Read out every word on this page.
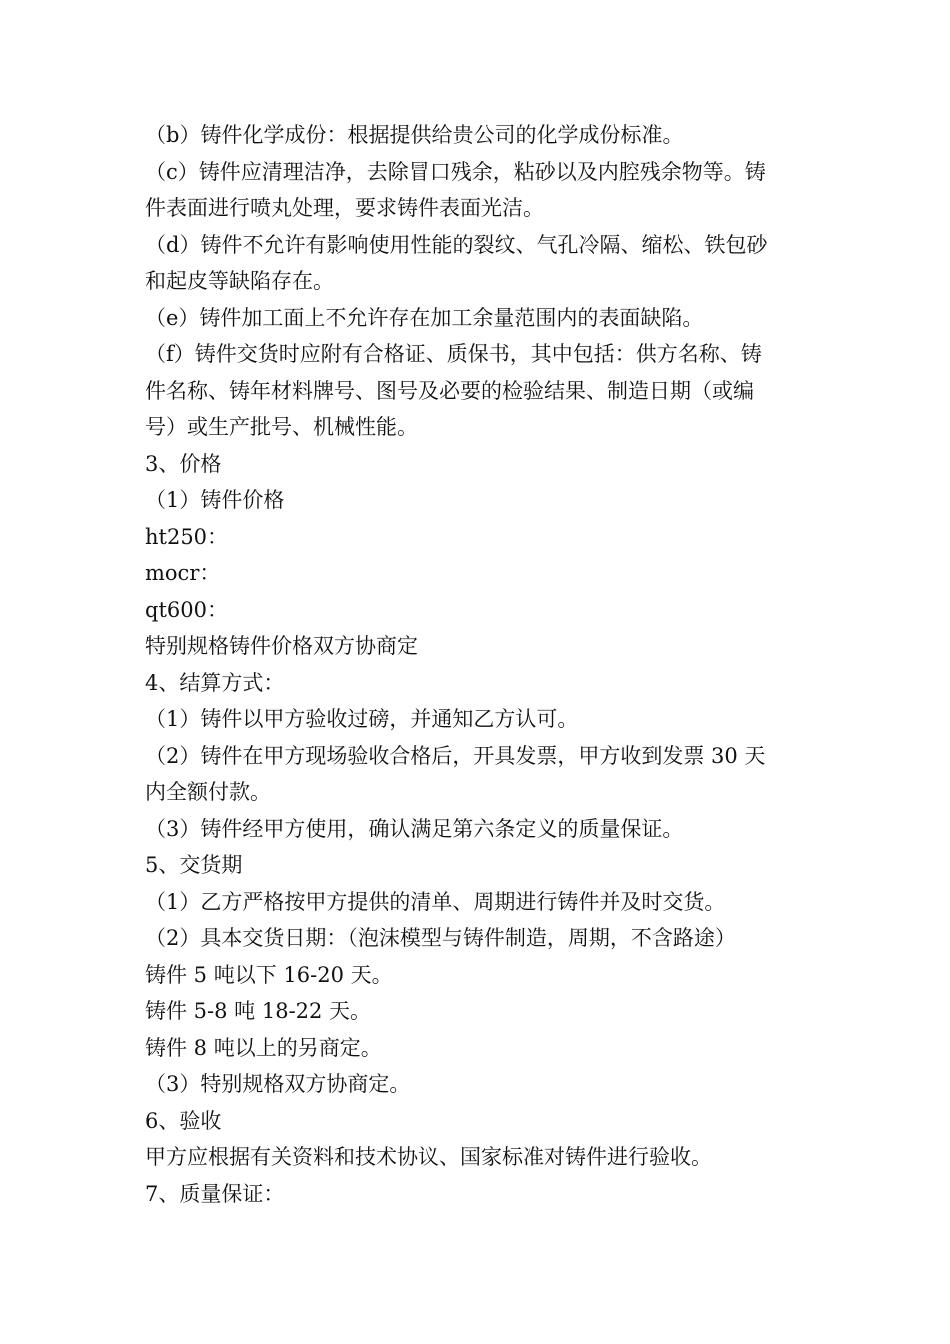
（b）铸件化学成份：根据提供给贵公司的化学成份标准。
（c）铸件应清理洁净，去除冒口残余，粘砂以及内腔残余物等。铸
件表面进行喷丸处理，要求铸件表面光洁。
（d）铸件不允许有影响使用性能的裂纹、气孔冷隔、缩松、铁包砂
和起皮等缺陷存在。
（e）铸件加工面上不允许存在加工余量范围内的表面缺陷。
（f）铸件交货时应附有合格证、质保书，其中包括：供方名称、铸
件名称、铸年材料牌号、图号及必要的检验结果、制造日期（或编
号）或生产批号、机械性能。
3、价格
（1）铸件价格
ht250：
mocr：
qt600：
特别规格铸件价格双方协商定
4、结算方式：
（1）铸件以甲方验收过磅，并通知乙方认可。
（2）铸件在甲方现场验收合格后，开具发票，甲方收到发票 30 天
内全额付款。
（3）铸件经甲方使用，确认满足第六条定义的质量保证。
5、交货期
（1）乙方严格按甲方提供的清单、周期进行铸件并及时交货。
（2）具本交货日期：（泡沫模型与铸件制造，周期，不含路途）
铸件 5 吨以下 16-20 天。
铸件 5-8 吨 18-22 天。
铸件 8 吨以上的另商定。
（3）特别规格双方协商定。
6、验收
甲方应根据有关资料和技术协议、国家标准对铸件进行验收。
7、质量保证：
